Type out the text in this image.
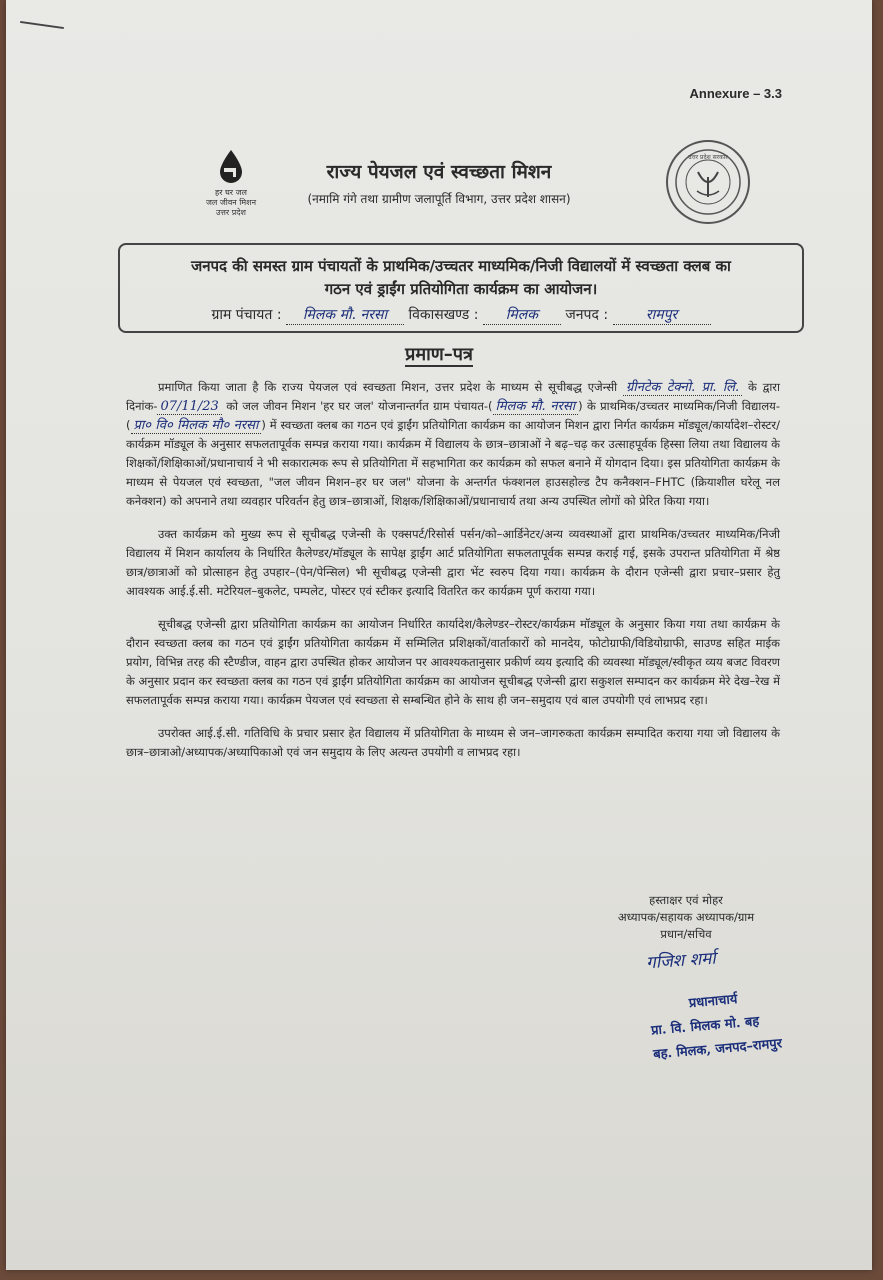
Annexure – 3.3
हर घर जल
जल जीवन मिशन
उत्तर प्रदेश
उत्तर प्रदेश सरकार
राज्य पेयजल एवं स्वच्छता मिशन
(नमामि गंगे तथा ग्रामीण जलापूर्ति विभाग, उत्तर प्रदेश शासन)
जनपद की समस्त ग्राम पंचायतों के प्राथमिक/उच्चतर माध्यमिक/निजी विद्यालयों में स्वच्छता क्लब का
गठन एवं ड्राईंग प्रतियोगिता कार्यक्रम का आयोजन।
ग्राम पंचायत : मिलक मौ. नरसा विकासखण्ड : मिलक जनपद :	रामपुर
प्रमाण–पत्र

प्रमाणित किया जाता है कि राज्य पेयजल एवं स्वच्छता मिशन, उत्तर प्रदेश के माध्यम से सूचीबद्ध एजेन्सी ग्रीनटेक टेक्नो. प्रा. लि. के द्वारा दिनांक- 07/11/23 को जल जीवन मिशन 'हर घर जल' योजनान्तर्गत ग्राम पंचायत-( मिलक मौ. नरसा ) के प्राथमिक/उच्चतर माध्यमिक/निजी विद्यालय-( प्रा० वि० मिलक मौ० नरसा ) में स्वच्छता क्लब का गठन एवं ड्राईंग प्रतियोगिता कार्यक्रम का आयोजन मिशन द्वारा निर्गत कार्यक्रम मॉड्यूल/कार्यादेश–रोस्टर/कार्यक्रम मॉड्यूल के अनुसार सफलतापूर्वक सम्पन्न कराया गया। कार्यक्रम में विद्यालय के छात्र–छात्राओं ने बढ़–चढ़ कर उत्साहपूर्वक हिस्सा लिया तथा विद्यालय के शिक्षकों/शिक्षिकाओं/प्रधानाचार्य ने भी सकारात्मक रूप से प्रतियोगिता में सहभागिता कर कार्यक्रम को सफल बनाने में योगदान दिया। इस प्रतियोगिता कार्यक्रम के माध्यम से पेयजल एवं स्वच्छता, "जल जीवन मिशन–हर घर जल" योजना के अन्तर्गत फंक्शनल हाउसहोल्ड टैप कनैक्शन–FHTC (क्रियाशील घरेलू नल कनेक्शन) को अपनाने तथा व्यवहार परिवर्तन हेतु छात्र–छात्राओं, शिक्षक/शिक्षिकाओं/प्रधानाचार्य तथा अन्य उपस्थित लोगों को प्रेरित किया गया।

उक्त कार्यक्रम को मुख्य रूप से सूचीबद्ध एजेन्सी के एक्सपर्ट/रिसोर्स पर्सन/को–आर्डिनेटर/अन्य व्यवस्थाओं द्वारा प्राथमिक/उच्चतर माध्यमिक/निजी विद्यालय में मिशन कार्यालय के निर्धारित कैलेण्डर/मॉड्यूल के सापेक्ष ड्राईंग आर्ट प्रतियोगिता सफलतापूर्वक सम्पन्न कराई गई, इसके उपरान्त प्रतियोगिता में श्रेष्ठ छात्र/छात्राओं को प्रोत्साहन हेतु उपहार–(पेन/पेन्सिल) भी सूचीबद्ध एजेन्सी द्वारा भेंट स्वरुप दिया गया। कार्यक्रम के दौरान एजेन्सी द्वारा प्रचार–प्रसार हेतु आवश्यक आई.ई.सी. मटेरियल–बुकलेट, पम्पलेट, पोस्टर एवं स्टीकर इत्यादि वितरित कर कार्यक्रम पूर्ण कराया गया।

सूचीबद्ध एजेन्सी द्वारा प्रतियोगिता कार्यक्रम का आयोजन निर्धारित कार्यादेश/कैलेण्डर–रोस्टर/कार्यक्रम मॉड्यूल के अनुसार किया गया तथा कार्यक्रम के दौरान स्वच्छता क्लब का गठन एवं ड्राईंग प्रतियोगिता कार्यक्रम में सम्मिलित प्रशिक्षकों/वार्ताकारों को मानदेय, फोटोग्राफी/विडियोग्राफी, साउण्ड सहित माईक प्रयोग, विभिन्न तरह की स्टैण्डीज, वाहन द्वारा उपस्थित होकर आयोजन पर आवश्यकतानुसार प्रकीर्ण व्यय इत्यादि की व्यवस्था मॉड्यूल/स्वीकृत व्यय बजट विवरण के अनुसार प्रदान कर स्वच्छता क्लब का गठन एवं ड्राईंग प्रतियोगिता कार्यक्रम का आयोजन सूचीबद्ध एजेन्सी द्वारा सकुशल सम्पादन कर कार्यक्रम मेरे देख–रेख में सफलतापूर्वक सम्पन्न कराया गया। कार्यक्रम पेयजल एवं स्वच्छता से सम्बन्धित होने के साथ ही जन–समुदाय एवं बाल उपयोगी एवं लाभप्रद रहा।

उपरोक्त आई.ई.सी. गतिविधि के प्रचार प्रसार हेत विद्यालय में प्रतियोगिता के माध्यम से जन–जागरुकता कार्यक्रम सम्पादित कराया गया जो विद्यालय के छात्र–छात्राओ/अध्यापक/अध्यापिकाओ एवं जन समुदाय के लिए अत्यन्त उपयोगी व लाभप्रद रहा।

हस्ताक्षर एवं मोहर
अध्यापक/सहायक अध्यापक/ग्राम
प्रधान/सचिव
गजिश शर्मा
प्रधानाचार्य
प्रा. वि. मिलक मो. बह
बह. मिलक, जनपद–रामपुर
